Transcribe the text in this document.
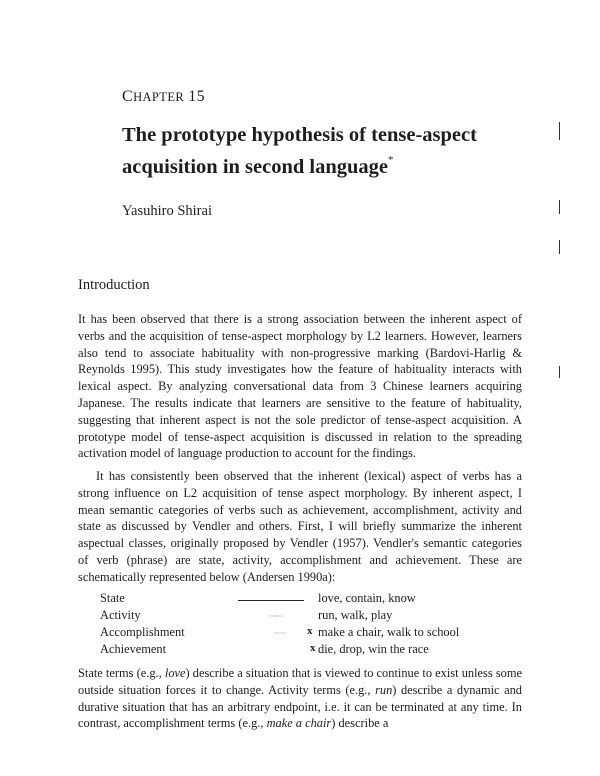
CHAPTER 15
The prototype hypothesis of tense-aspect
acquisition in second language*
Yasuhiro Shirai
Introduction

It has been observed that there is a strong association between the inherent aspect of verbs and the acquisition of tense-aspect morphology by L2 learners. However, learners also tend to associate habituality with non-progressive marking (Bardovi-Harlig & Reynolds 1995). This study investigates how the feature of habituality interacts with lexical aspect. By analyzing conversational data from 3 Chinese learners acquiring Japanese. The results indicate that learners are sensitive to the feature of habituality, suggesting that inherent aspect is not the sole predictor of tense-aspect acquisition. A prototype model of tense-aspect acquisition is discussed in relation to the spreading activation model of language production to account for the findings.

It has consistently been observed that the inherent (lexical) aspect of verbs has a strong influence on L2 acquisition of tense aspect morphology. By inherent aspect, I mean semantic categories of verbs such as achievement, accomplishment, activity and state as discussed by Vendler and others. First, I will briefly summarize the inherent aspectual classes, originally proposed by Vendler (1957). Vendler's semantic categories of verb (phrase) are state, activity, accomplishment and achievement. These are schematically represented below (Andersen 1990a):

State	love, contain, know
Activity	run, walk, play
Accomplishment	x make a chair, walk to school
Achievement	x die, drop, win the race

State terms (e.g., love) describe a situation that is viewed to continue to exist unless some outside situation forces it to change. Activity terms (e.g., run) describe a dynamic and durative situation that has an arbitrary endpoint, i.e. it can be terminated at any time. In contrast, accomplishment terms (e.g., make a chair) describe a
